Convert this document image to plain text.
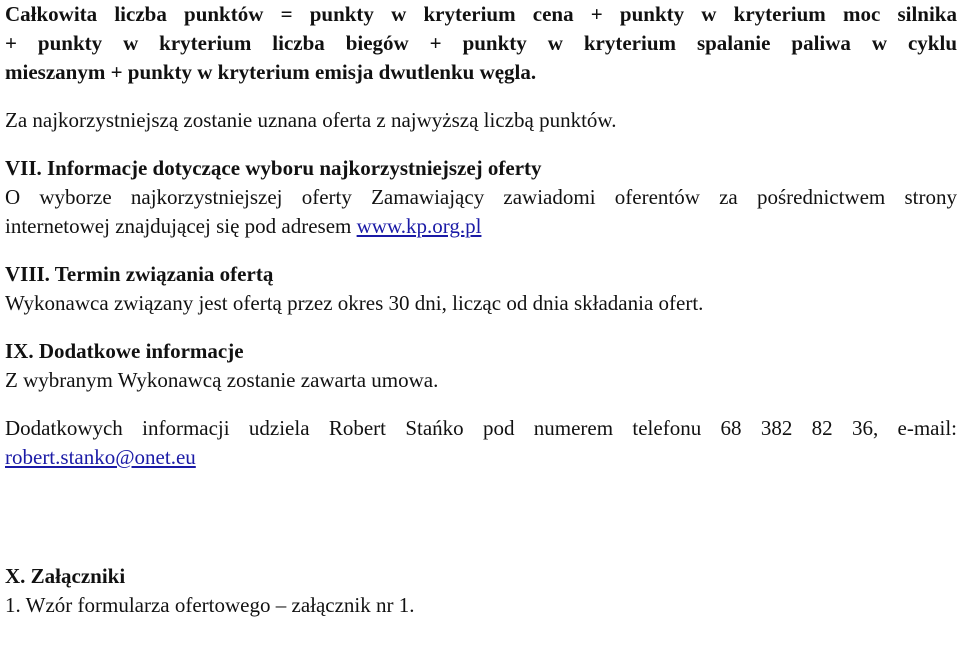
Całkowita liczba punktów = punkty w kryterium cena + punkty w kryterium moc silnika

+ punkty w kryterium liczba biegów + punkty w kryterium spalanie paliwa w cyklu

mieszanym + punkty w kryterium emisja dwutlenku węgla.

Za najkorzystniejszą zostanie uznana oferta z najwyższą liczbą punktów.

VII. Informacje dotyczące wyboru najkorzystniejszej oferty

O wyborze najkorzystniejszej oferty Zamawiający zawiadomi oferentów za pośrednictwem strony

internetowej znajdującej się pod adresem www.kp.org.pl

VIII. Termin związania ofertą

Wykonawca związany jest ofertą przez okres 30 dni, licząc od dnia składania ofert.

IX. Dodatkowe informacje

Z wybranym Wykonawcą zostanie zawarta umowa.

Dodatkowych informacji udziela Robert Stańko pod numerem telefonu 68 382 82 36, e-mail:

robert.stanko@onet.eu

X. Załączniki

1. Wzór formularza ofertowego – załącznik nr 1.
